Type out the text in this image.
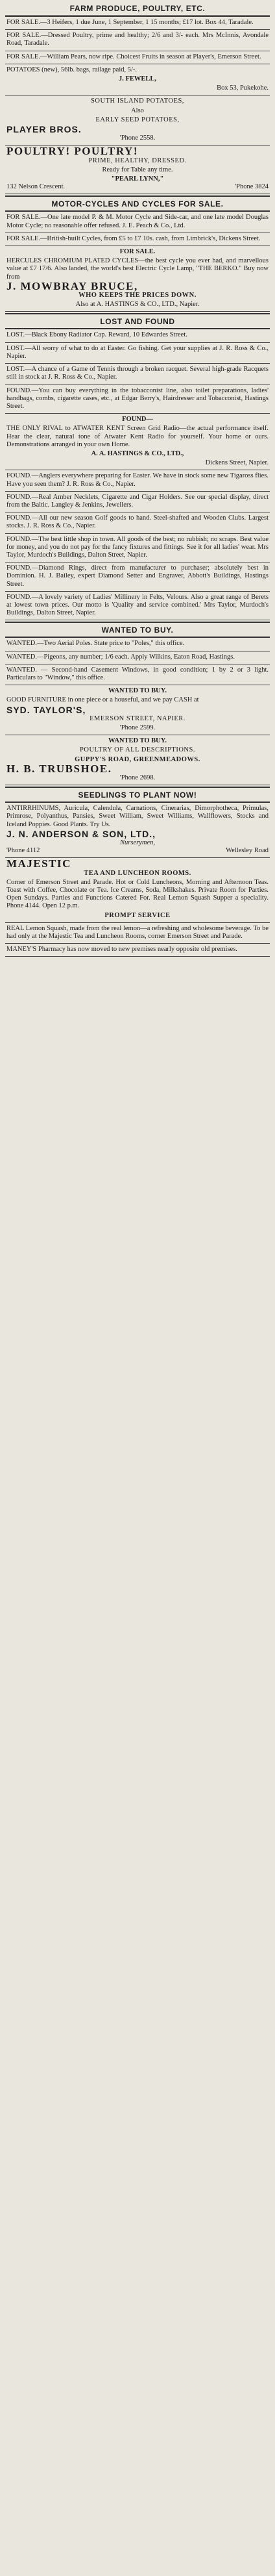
FARM PRODUCE, POULTRY, ETC.

FOR SALE.—3 Heifers, 1 due June, 1 September, 1 15 months; £17 lot. Box 44, Taradale.

FOR SALE.—Dressed Poultry, prime and healthy; 2/6 and 3/- each. Mrs McInnis, Avondale Road, Taradale.

FOR SALE.—William Pears, now ripe. Choicest Fruits in season at Player's, Emerson Street.

POTATOES (new), 56lb. bags, railage paid, 5/-.

J. FEWELL,

Box 53, Pukekohe.

SOUTH ISLAND POTATOES,

Also

EARLY SEED POTATOES,

PLAYER BROS.

'Phone 2558.

POULTRY! POULTRY!

PRIME, HEALTHY, DRESSED.

Ready for Table any time.

"PEARL LYNN,"

132 Nelson Crescent.	'Phone 3824
MOTOR-CYCLES AND CYCLES FOR SALE.

FOR SALE.—One late model P. & M. Motor Cycle and Side-car, and one late model Douglas Motor Cycle; no reasonable offer refused. J. E. Peach & Co., Ltd.

FOR SALE.—British-built Cycles, from £5 to £7 10s. cash, from Limbrick's, Dickens Street.

FOR SALE.

HERCULES CHROMIUM PLATED CYCLES—the best cycle you ever had, and marvellous value at £7 17/6. Also landed, the world's best Electric Cycle Lamp, "THE BERKO." Buy now from

J. MOWBRAY BRUCE,

WHO KEEPS THE PRICES DOWN.

Also at A. HASTINGS & CO., LTD., Napier.

LOST AND FOUND

LOST.—Black Ebony Radiator Cap. Reward, 10 Edwardes Street.

LOST.—All worry of what to do at Easter. Go fishing. Get your supplies at J. R. Ross & Co., Napier.

LOST.—A chance of a Game of Tennis through a broken racquet. Several high-grade Racquets still in stock at J. R. Ross & Co., Napier.

FOUND.—You can buy everything in the tobacconist line, also toilet preparations, ladies' handbags, combs, cigarette cases, etc., at Edgar Berry's, Hairdresser and Tobacconist, Hastings Street.

FOUND—

THE ONLY RIVAL to ATWATER KENT Screen Grid Radio—the actual performance itself. Hear the clear, natural tone of Atwater Kent Radio for yourself. Your home or ours. Demonstrations arranged in your own Home.

A. A. HASTINGS & CO., LTD.,

Dickens Street, Napier.

FOUND.—Anglers everywhere preparing for Easter. We have in stock some new Tigaross flies. Have you seen them? J. R. Ross & Co., Napier.

FOUND.—Real Amber Necklets, Cigarette and Cigar Holders. See our special display, direct from the Baltic. Langley & Jenkins, Jewellers.

FOUND.—All our new season Golf goods to hand. Steel-shafted and Wooden Clubs. Largest stocks. J. R. Ross & Co., Napier.

FOUND.—The best little shop in town. All goods of the best; no rubbish; no scraps. Best value for money, and you do not pay for the fancy fixtures and fittings. See it for all ladies' wear. Mrs Taylor, Murdoch's Buildings, Dalton Street, Napier.

FOUND.—Diamond Rings, direct from manufacturer to purchaser; absolutely best in Dominion. H. J. Bailey, expert Diamond Setter and Engraver, Abbott's Buildings, Hastings Street.

FOUND.—A lovely variety of Ladies' Millinery in Felts, Velours. Also a great range of Berets at lowest town prices. Our motto is 'Quality and service combined.' Mrs Taylor, Murdoch's Buildings, Dalton Street, Napier.

WANTED TO BUY.

WANTED.—Two Aerial Poles. State price to "Poles," this office.

WANTED.—Pigeons, any number; 1/6 each. Apply Wilkins, Eaton Road, Hastings.

WANTED. — Second-hand Casement Windows, in good condition; 1 by 2 or 3 light. Particulars to "Window," this office.

WANTED TO BUY.

GOOD FURNITURE in one piece or a houseful, and we pay CASH at

SYD. TAYLOR'S,

EMERSON STREET, NAPIER.

'Phone 2599.

WANTED TO BUY.

POULTRY OF ALL DESCRIPTIONS.

GUPPY'S ROAD, GREENMEADOWS.

H. B. TRUBSHOE.

'Phone 2698.

SEEDLINGS TO PLANT NOW!

ANTIRRHINUMS, Auricula, Calendula, Carnations, Cinerarias, Dimorphotheca, Primulas, Primrose, Polyanthus, Pansies, Sweet William, Sweet Williams, Wallflowers, Stocks and Iceland Poppies. Good Plants. Try Us.

J. N. ANDERSON & SON, LTD.,

Nurserymen,

'Phone 4112	Wellesley Road

MAJESTIC

TEA AND LUNCHEON ROOMS.

Corner of Emerson Street and Parade. Hot or Cold Luncheons, Morning and Afternoon Teas. Toast with Coffee, Chocolate or Tea. Ice Creams, Soda, Milkshakes. Private Room for Parties. Open Sundays. Parties and Functions Catered For. Real Lemon Squash Supper a speciality. Phone 4144. Open 12 p.m.

PROMPT SERVICE

REAL Lemon Squash, made from the real lemon—a refreshing and wholesome beverage. To be had only at the Majestic Tea and Luncheon Rooms, corner Emerson Street and Parade.

MANEY'S Pharmacy has now moved to new premises nearly opposite old premises.
